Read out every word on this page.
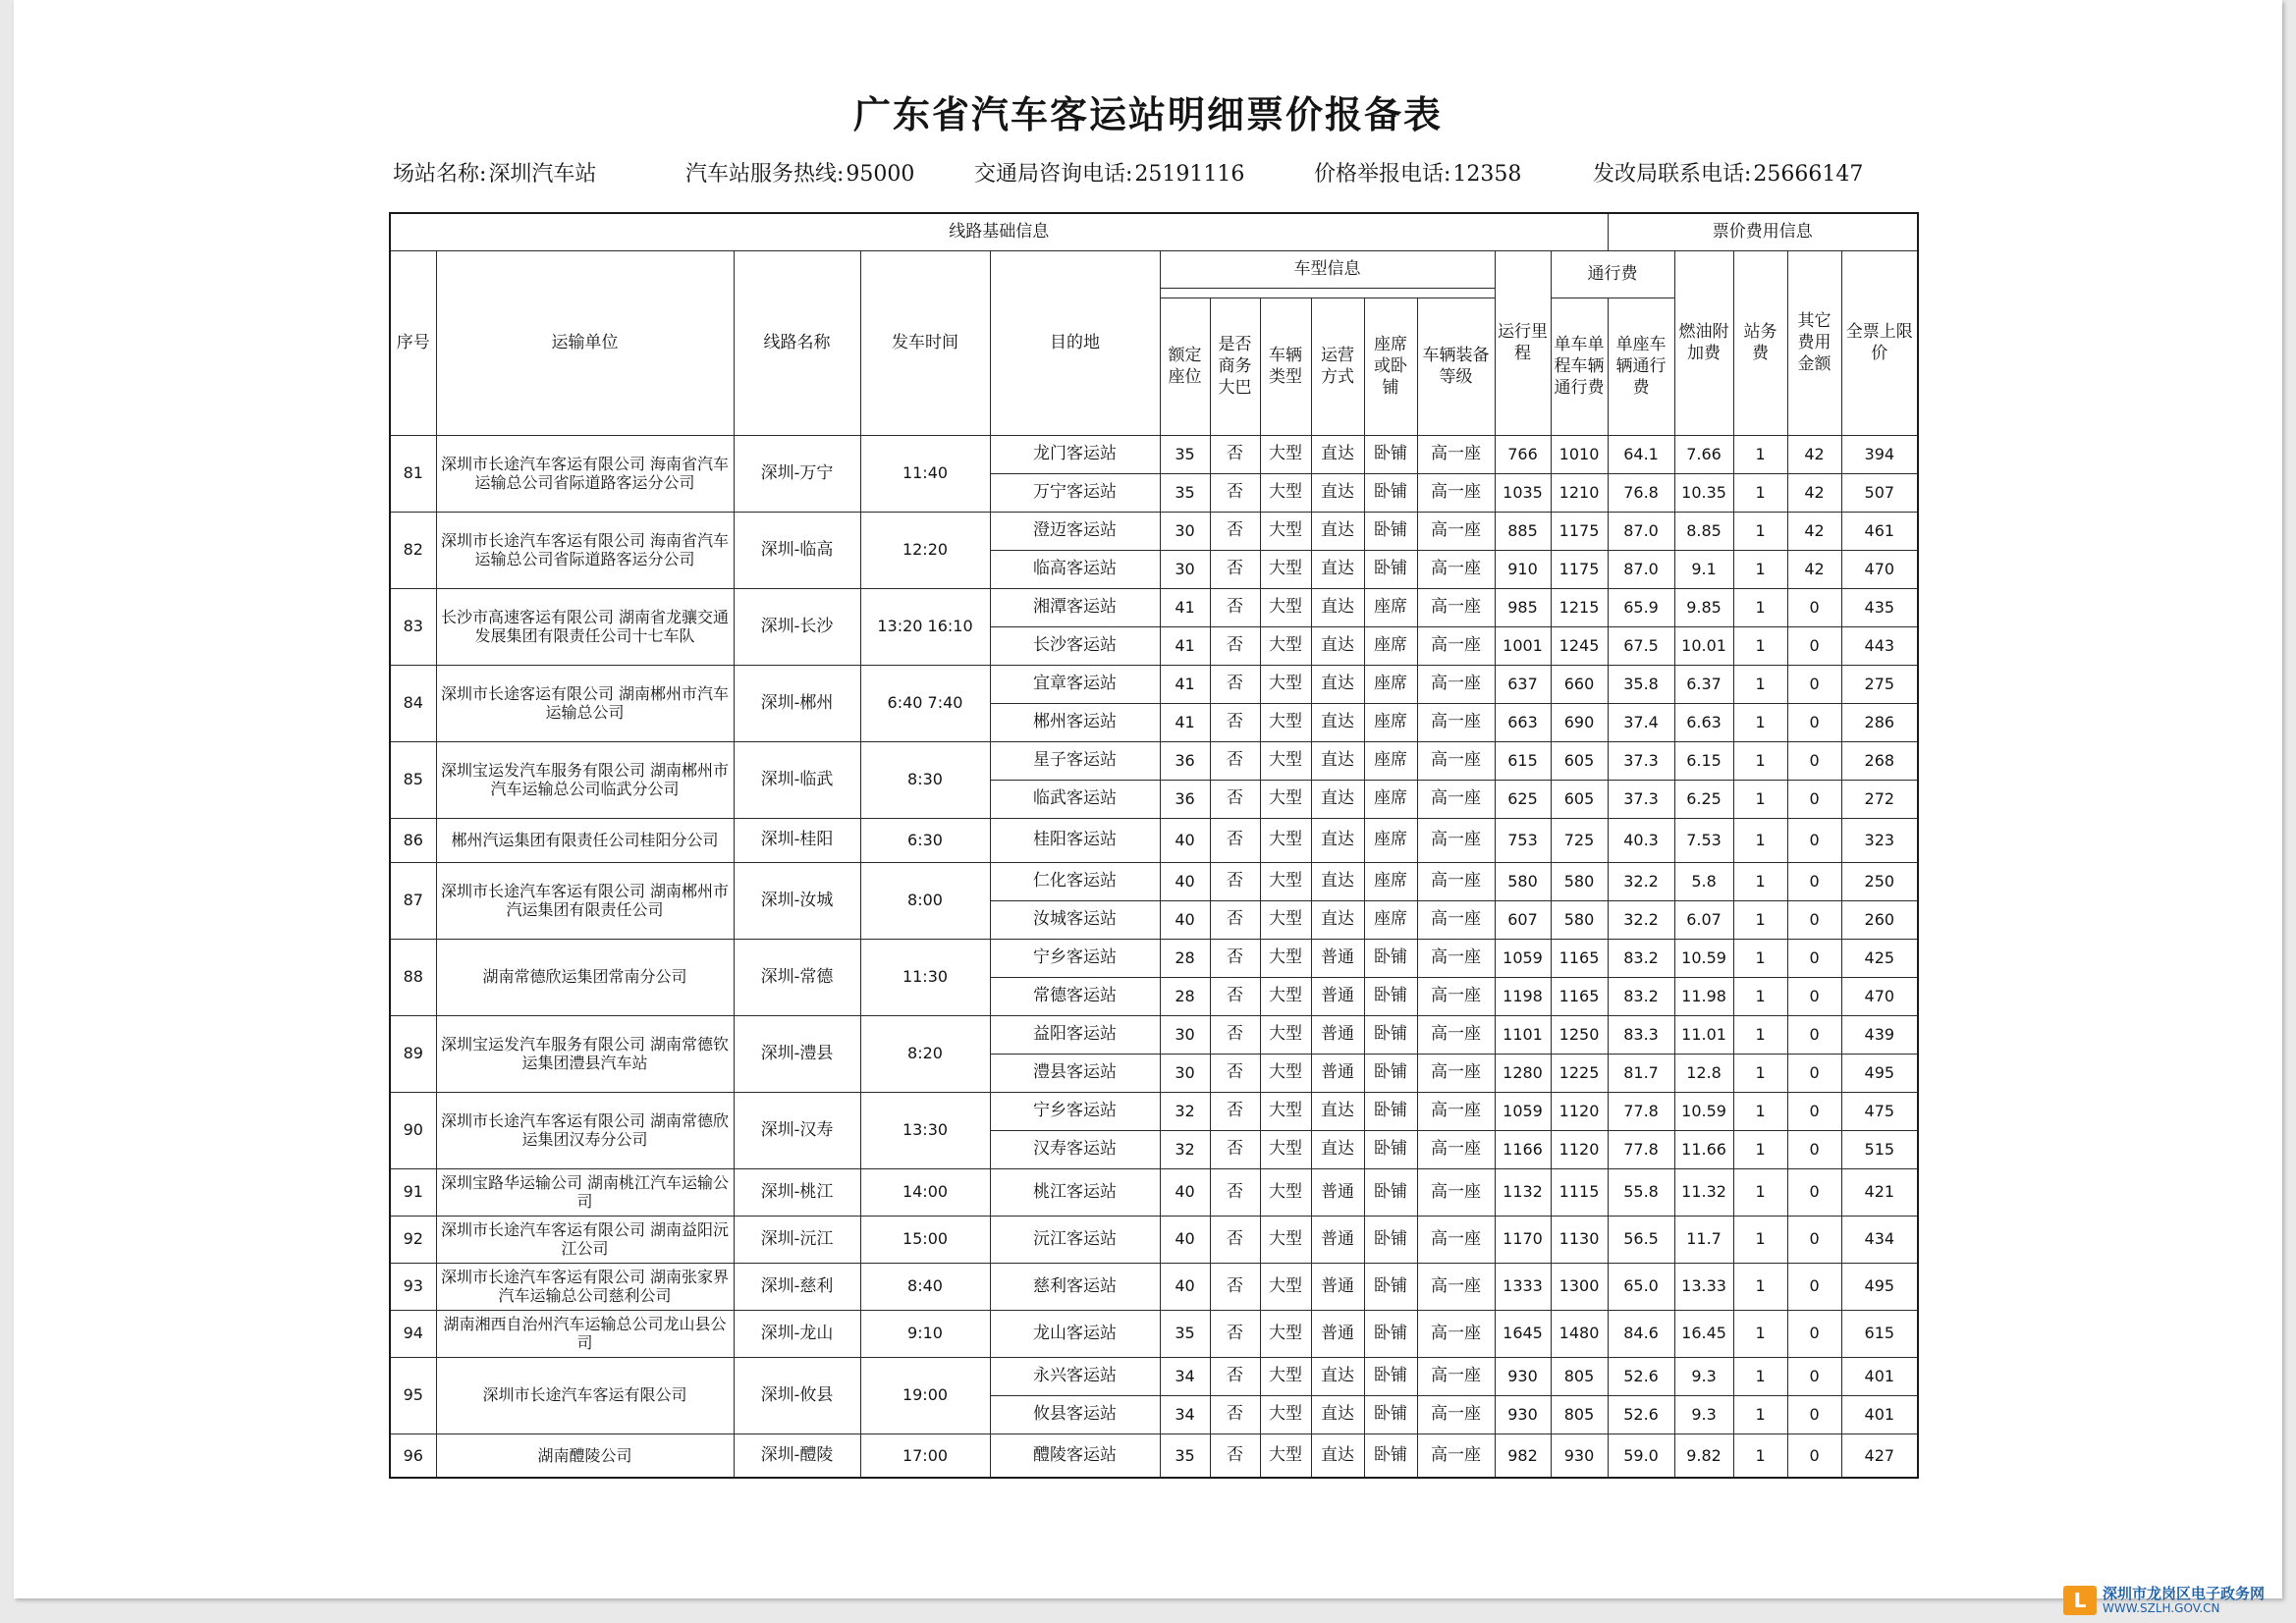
广东省汽车客运站明细票价报备表
场站名称:深圳汽车站	汽车站服务热线:95000	交通局咨询电话:25191116	价格举报电话:12358	发改局联系电话:25666147
线路基础信息													票价费用信息				
序号	运输单位	线路名称	发车时间	目的地	车型信息						运行里程	通行费		燃油附加费	站务费	其它费用金额	全票上限价

					额定座位	是否商务大巴	车辆类型	运营方式	座席或卧铺	车辆装备等级		单车单程车辆通行费	单座车辆通行费				
81	深圳市长途汽车客运有限公司 海南省汽车运输总公司省际道路客运分公司	深圳-万宁	11:40	龙门客运站	35	否	大型	直达	卧铺	高一座	766	1010	64.1	7.66	1	42	394
				万宁客运站	35	否	大型	直达	卧铺	高一座	1035	1210	76.8	10.35	1	42	507
82	深圳市长途汽车客运有限公司 海南省汽车运输总公司省际道路客运分公司	深圳-临高	12:20	澄迈客运站	30	否	大型	直达	卧铺	高一座	885	1175	87.0	8.85	1	42	461
				临高客运站	30	否	大型	直达	卧铺	高一座	910	1175	87.0	9.1	1	42	470
83	长沙市高速客运有限公司 湖南省龙骧交通发展集团有限责任公司十七车队	深圳-长沙	13:20 16:10	湘潭客运站	41	否	大型	直达	座席	高一座	985	1215	65.9	9.85	1	0	435
				长沙客运站	41	否	大型	直达	座席	高一座	1001	1245	67.5	10.01	1	0	443
84	深圳市长途客运有限公司 湖南郴州市汽车运输总公司	深圳-郴州	6:40 7:40	宜章客运站	41	否	大型	直达	座席	高一座	637	660	35.8	6.37	1	0	275
				郴州客运站	41	否	大型	直达	座席	高一座	663	690	37.4	6.63	1	0	286
85	深圳宝运发汽车服务有限公司 湖南郴州市汽车运输总公司临武分公司	深圳-临武	8:30	星子客运站	36	否	大型	直达	座席	高一座	615	605	37.3	6.15	1	0	268
				临武客运站	36	否	大型	直达	座席	高一座	625	605	37.3	6.25	1	0	272
86	郴州汽运集团有限责任公司桂阳分公司	深圳-桂阳	6:30	桂阳客运站	40	否	大型	直达	座席	高一座	753	725	40.3	7.53	1	0	323
87	深圳市长途汽车客运有限公司 湖南郴州市汽运集团有限责任公司	深圳-汝城	8:00	仁化客运站	40	否	大型	直达	座席	高一座	580	580	32.2	5.8	1	0	250
				汝城客运站	40	否	大型	直达	座席	高一座	607	580	32.2	6.07	1	0	260
88	湖南常德欣运集团常南分公司	深圳-常德	11:30	宁乡客运站	28	否	大型	普通	卧铺	高一座	1059	1165	83.2	10.59	1	0	425
				常德客运站	28	否	大型	普通	卧铺	高一座	1198	1165	83.2	11.98	1	0	470
89	深圳宝运发汽车服务有限公司 湖南常德钦运集团澧县汽车站	深圳-澧县	8:20	益阳客运站	30	否	大型	普通	卧铺	高一座	1101	1250	83.3	11.01	1	0	439
				澧县客运站	30	否	大型	普通	卧铺	高一座	1280	1225	81.7	12.8	1	0	495
90	深圳市长途汽车客运有限公司 湖南常德欣运集团汉寿分公司	深圳-汉寿	13:30	宁乡客运站	32	否	大型	直达	卧铺	高一座	1059	1120	77.8	10.59	1	0	475
				汉寿客运站	32	否	大型	直达	卧铺	高一座	1166	1120	77.8	11.66	1	0	515
91	深圳宝路华运输公司 湖南桃江汽车运输公司	深圳-桃江	14:00	桃江客运站	40	否	大型	普通	卧铺	高一座	1132	1115	55.8	11.32	1	0	421
92	深圳市长途汽车客运有限公司 湖南益阳沅江公司	深圳-沅江	15:00	沅江客运站	40	否	大型	普通	卧铺	高一座	1170	1130	56.5	11.7	1	0	434
93	深圳市长途汽车客运有限公司 湖南张家界汽车运输总公司慈利公司	深圳-慈利	8:40	慈利客运站	40	否	大型	普通	卧铺	高一座	1333	1300	65.0	13.33	1	0	495
94	湖南湘西自治州汽车运输总公司龙山县公司	深圳-龙山	9:10	龙山客运站	35	否	大型	普通	卧铺	高一座	1645	1480	84.6	16.45	1	0	615
95	深圳市长途汽车客运有限公司	深圳-攸县	19:00	永兴客运站	34	否	大型	直达	卧铺	高一座	930	805	52.6	9.3	1	0	401
				攸县客运站	34	否	大型	直达	卧铺	高一座	930	805	52.6	9.3	1	0	401
96	湖南醴陵公司	深圳-醴陵	17:00	醴陵客运站	35	否	大型	直达	卧铺	高一座	982	930	59.0	9.82	1	0	427
L	深圳市龙岗区电子政务网
WWW.SZLH.GOV.CN
